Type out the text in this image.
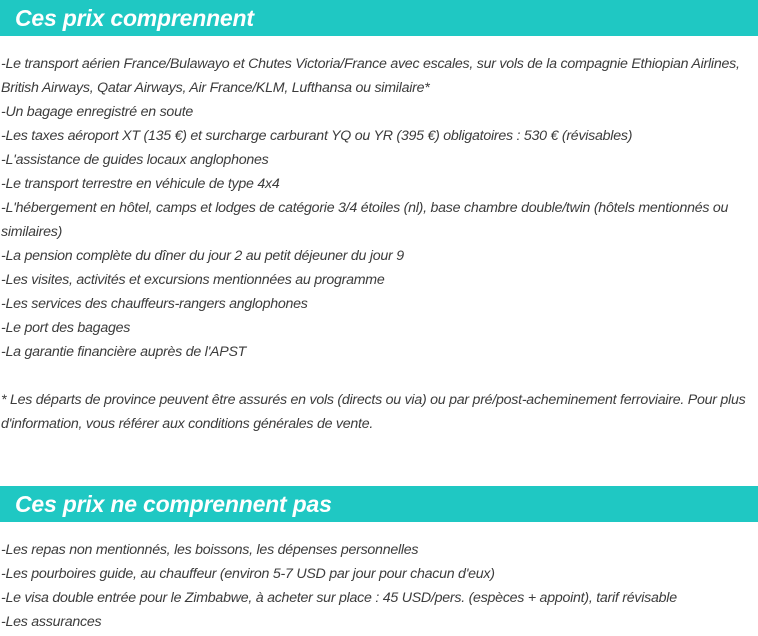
Ces prix comprennent

-Le transport aérien France/Bulawayo et Chutes Victoria/France avec escales, sur vols de la compagnie Ethiopian Airlines, British Airways, Qatar Airways, Air France/KLM, Lufthansa ou similaire*

-Un bagage enregistré en soute

-Les taxes aéroport XT (135 €) et surcharge carburant YQ ou YR (395 €) obligatoires : 530 € (révisables)

-L'assistance de guides locaux anglophones

-Le transport terrestre en véhicule de type 4x4

-L'hébergement en hôtel, camps et lodges de catégorie 3/4 étoiles (nl), base chambre double/twin (hôtels mentionnés ou similaires)

-La pension complète du dîner du jour 2 au petit déjeuner du jour 9

-Les visites, activités et excursions mentionnées au programme

-Les services des chauffeurs-rangers anglophones

-Le port des bagages

-La garantie financière auprès de l'APST

* Les départs de province peuvent être assurés en vols (directs ou via) ou par pré/post-acheminement ferroviaire. Pour plus d'information, vous référer aux conditions générales de vente.

Ces prix ne comprennent pas

-Les repas non mentionnés, les boissons, les dépenses personnelles

-Les pourboires guide, au chauffeur (environ 5-7 USD par jour pour chacun d'eux)

-Le visa double entrée pour le Zimbabwe, à acheter sur place : 45 USD/pers. (espèces + appoint), tarif révisable

-Les assurances
